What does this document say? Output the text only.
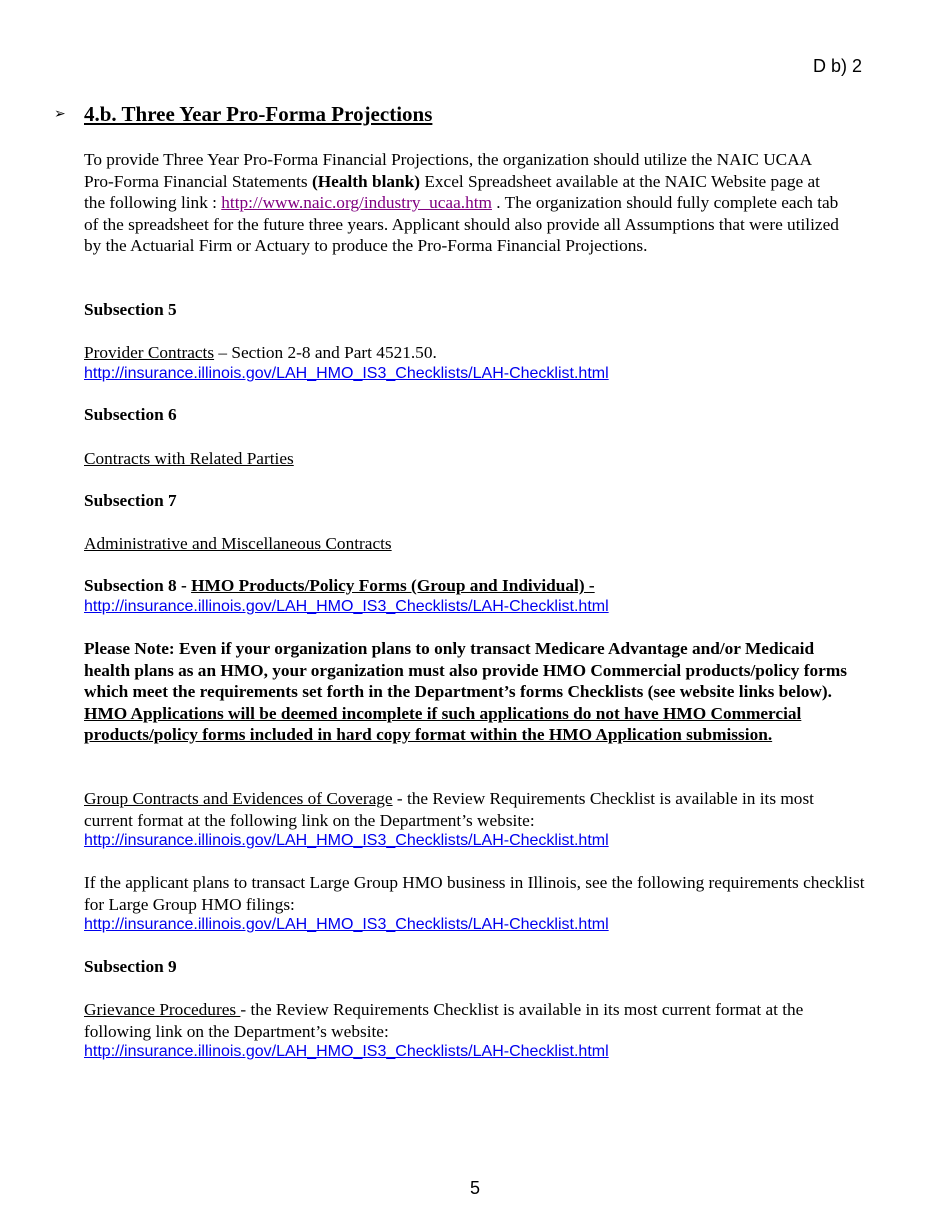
D b) 2
➢ 4.b. Three Year Pro-Forma Projections
To provide Three Year Pro-Forma Financial Projections, the organization should utilize the NAIC UCAA Pro-Forma Financial Statements (Health blank) Excel Spreadsheet available at the NAIC Website page at the following link : http://www.naic.org/industry_ucaa.htm . The organization should fully complete each tab of the spreadsheet for the future three years. Applicant should also provide all Assumptions that were utilized by the Actuarial Firm or Actuary to produce the Pro-Forma Financial Projections.
Subsection 5
Provider Contracts – Section 2-8 and Part 4521.50.
http://insurance.illinois.gov/LAH_HMO_IS3_Checklists/LAH-Checklist.html
Subsection 6
Contracts with Related Parties
Subsection 7
Administrative and Miscellaneous Contracts
Subsection 8 - HMO Products/Policy Forms (Group and Individual) -
http://insurance.illinois.gov/LAH_HMO_IS3_Checklists/LAH-Checklist.html
Please Note: Even if your organization plans to only transact Medicare Advantage and/or Medicaid health plans as an HMO, your organization must also provide HMO Commercial products/policy forms which meet the requirements set forth in the Department’s forms Checklists (see website links below). HMO Applications will be deemed incomplete if such applications do not have HMO Commercial products/policy forms included in hard copy format within the HMO Application submission.
Group Contracts and Evidences of Coverage - the Review Requirements Checklist is available in its most current format at the following link on the Department’s website:
http://insurance.illinois.gov/LAH_HMO_IS3_Checklists/LAH-Checklist.html
If the applicant plans to transact Large Group HMO business in Illinois, see the following requirements checklist for Large Group HMO filings:
http://insurance.illinois.gov/LAH_HMO_IS3_Checklists/LAH-Checklist.html
Subsection 9
Grievance Procedures - the Review Requirements Checklist is available in its most current format at the following link on the Department’s website:
http://insurance.illinois.gov/LAH_HMO_IS3_Checklists/LAH-Checklist.html
5
